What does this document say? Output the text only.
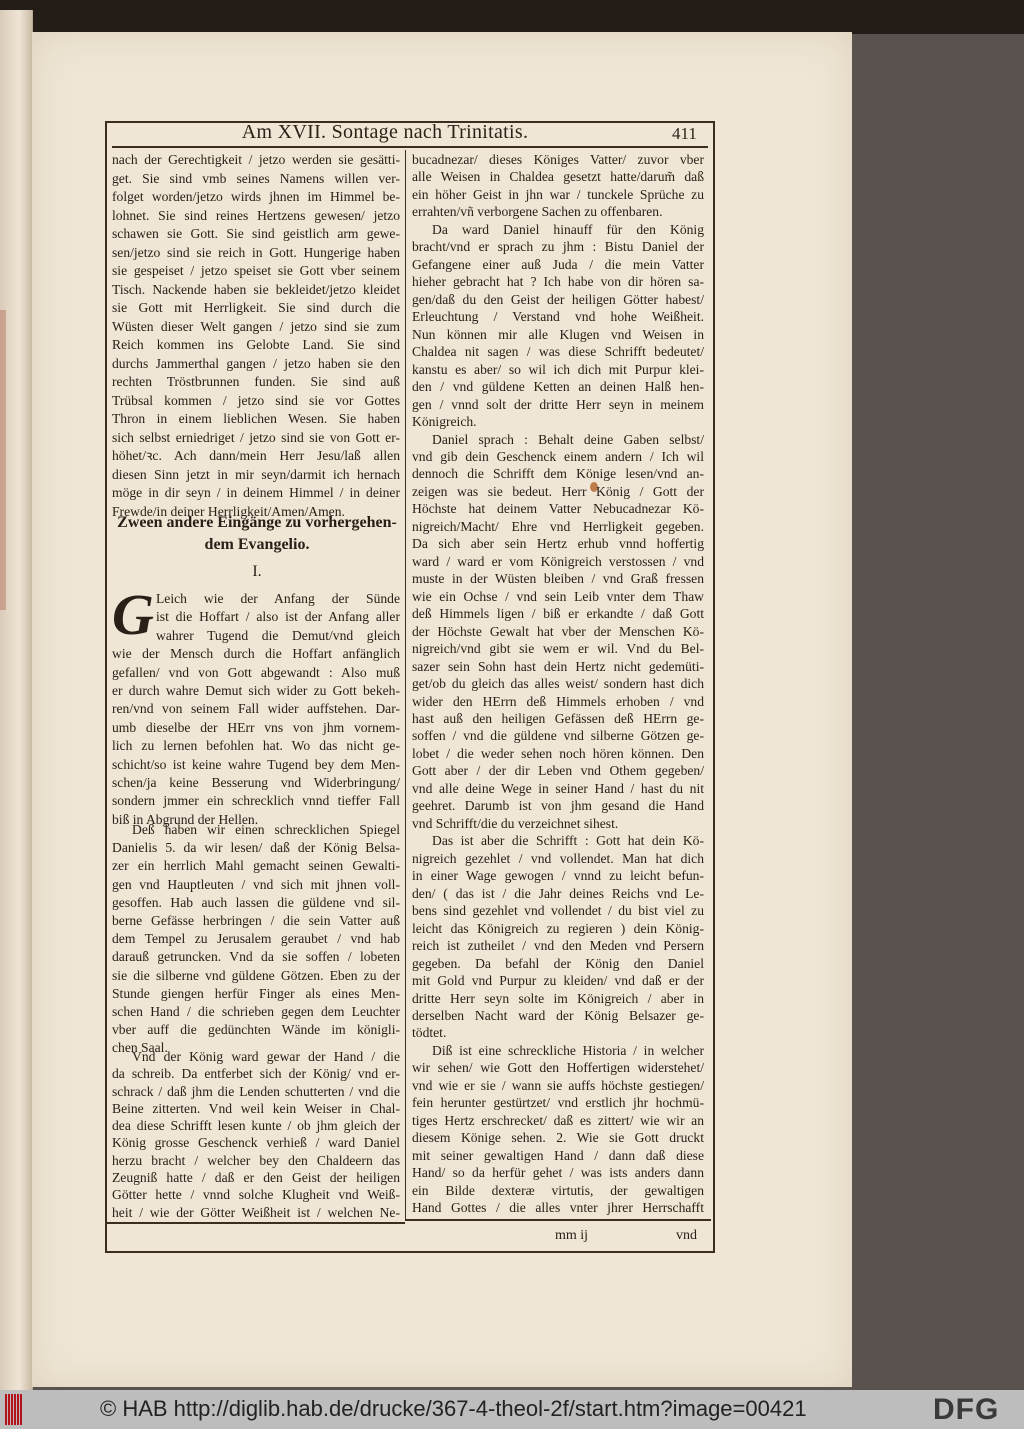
Am XVII. Sontage nach Trinitatis.	411
nach der Gerechtigkeit / jetzo werden sie gesätti-
get. Sie sind vmb seines Namens willen ver-
folget worden/jetzo wirds jhnen im Himmel be-
lohnet. Sie sind reines Hertzens gewesen/ jetzo
schawen sie Gott. Sie sind geistlich arm gewe-
sen/jetzo sind sie reich in Gott. Hungerige haben
sie gespeiset / jetzo speiset sie Gott vber seinem
Tisch. Nackende haben sie bekleidet/jetzo kleidet
sie Gott mit Herrligkeit. Sie sind durch die
Wüsten dieser Welt gangen / jetzo sind sie zum
Reich kommen ins Gelobte Land. Sie sind
durchs Jammerthal gangen / jetzo haben sie den
rechten Tröstbrunnen funden. Sie sind auß
Trübsal kommen / jetzo sind sie vor Gottes
Thron in einem lieblichen Wesen. Sie haben
sich selbst erniedriget / jetzo sind sie von Gott er-
höhet/ꝛc. Ach dann/mein Herr Jesu/laß allen
diesen Sinn jetzt in mir seyn/darmit ich hernach
möge in dir seyn / in deinem Himmel / in deiner
Frewde/in deiner Herrligkeit/Amen/Amen.
Zween andere Eingänge zu vorhergehen-
dem Evangelio.
I.
G Leich wie der Anfang der Sünde
ist die Hoffart / also ist der Anfang aller
wahrer Tugend die Demut/vnd gleich
wie der Mensch durch die Hoffart anfänglich
gefallen/ vnd von Gott abgewandt : Also muß
er durch wahre Demut sich wider zu Gott bekeh-
ren/vnd von seinem Fall wider auffstehen. Dar-
umb dieselbe der HErr vns von jhm vornem-
lich zu lernen befohlen hat. Wo das nicht ge-
schicht/so ist keine wahre Tugend bey dem Men-
schen/ja keine Besserung vnd Widerbringung/
sondern jmmer ein schrecklich vnnd tieffer Fall
biß in Abgrund der Hellen.
Deß haben wir einen schrecklichen Spiegel
Danielis 5. da wir lesen/ daß der König Belsa-
zer ein herrlich Mahl gemacht seinen Gewalti-
gen vnd Hauptleuten / vnd sich mit jhnen voll-
gesoffen. Hab auch lassen die güldene vnd sil-
berne Gefässe herbringen / die sein Vatter auß
dem Tempel zu Jerusalem geraubet / vnd hab
darauß getruncken. Vnd da sie soffen / lobeten
sie die silberne vnd güldene Götzen. Eben zu der
Stunde giengen herfür Finger als eines Men-
schen Hand / die schrieben gegen dem Leuchter
vber auff die gedünchten Wände im königli-
chen Saal.
Vnd der König ward gewar der Hand / die
da schreib. Da entferbet sich der König/ vnd er-
schrack / daß jhm die Lenden schutterten / vnd die
Beine zitterten. Vnd weil kein Weiser in Chal-
dea diese Schrifft lesen kunte / ob jhm gleich der
König grosse Geschenck verhieß / ward Daniel
herzu bracht / welcher bey den Chaldeern das
Zeugniß hatte / daß er den Geist der heiligen
Götter hette / vnnd solche Klugheit vnd Weiß-
heit / wie der Götter Weißheit ist / welchen Ne-
bucadnezar/ dieses Königes Vatter/ zuvor vber
alle Weisen in Chaldea gesetzt hatte/darum̃ daß
ein höher Geist in jhn war / tunckele Sprüche zu
errahten/vñ verborgene Sachen zu offenbaren.
Da ward Daniel hinauff für den König
bracht/vnd er sprach zu jhm : Bistu Daniel der
Gefangene einer auß Juda / die mein Vatter
hieher gebracht hat ? Ich habe von dir hören sa-
gen/daß du den Geist der heiligen Götter habest/
Erleuchtung / Verstand vnd hohe Weißheit.
Nun können mir alle Klugen vnd Weisen in
Chaldea nit sagen / was diese Schrifft bedeutet/
kanstu es aber/ so wil ich dich mit Purpur klei-
den / vnd güldene Ketten an deinen Halß hen-
gen / vnnd solt der dritte Herr seyn in meinem
Königreich.
Daniel sprach : Behalt deine Gaben selbst/
vnd gib dein Geschenck einem andern / Ich wil
dennoch die Schrifft dem Könige lesen/vnd an-
zeigen was sie bedeut. Herr König / Gott der
Höchste hat deinem Vatter Nebucadnezar Kö-
nigreich/Macht/ Ehre vnd Herrligkeit gegeben.
Da sich aber sein Hertz erhub vnnd hoffertig
ward / ward er vom Königreich verstossen / vnd
muste in der Wüsten bleiben / vnd Graß fressen
wie ein Ochse / vnd sein Leib vnter dem Thaw
deß Himmels ligen / biß er erkandte / daß Gott
der Höchste Gewalt hat vber der Menschen Kö-
nigreich/vnd gibt sie wem er wil. Vnd du Bel-
sazer sein Sohn hast dein Hertz nicht gedemüti-
get/ob du gleich das alles weist/ sondern hast dich
wider den HErrn deß Himmels erhoben / vnd
hast auß den heiligen Gefässen deß HErrn ge-
soffen / vnd die güldene vnd silberne Götzen ge-
lobet / die weder sehen noch hören können. Den
Gott aber / der dir Leben vnd Othem gegeben/
vnd alle deine Wege in seiner Hand / hast du nit
geehret. Darumb ist von jhm gesand die Hand
vnd Schrifft/die du verzeichnet sihest.
Das ist aber die Schrifft : Gott hat dein Kö-
nigreich gezehlet / vnd vollendet. Man hat dich
in einer Wage gewogen / vnnd zu leicht befun-
den/ ( das ist / die Jahr deines Reichs vnd Le-
bens sind gezehlet vnd vollendet / du bist viel zu
leicht das Königreich zu regieren ) dein König-
reich ist zutheilet / vnd den Meden vnd Persern
gegeben. Da befahl der König den Daniel
mit Gold vnd Purpur zu kleiden/ vnd daß er der
dritte Herr seyn solte im Königreich / aber in
derselben Nacht ward der König Belsazer ge-
tödtet.
Diß ist eine schreckliche Historia / in welcher
wir sehen/ wie Gott den Hoffertigen widerstehet/
vnd wie er sie / wann sie auffs höchste gestiegen/
fein herunter gestürtzet/ vnd erstlich jhr hochmü-
tiges Hertz erschrecket/ daß es zittert/ wie wir an
diesem Könige sehen. 2. Wie sie Gott druckt
mit seiner gewaltigen Hand / dann daß diese
Hand/ so da herfür gehet / was ists anders dann
ein Bilde dexteræ virtutis, der gewaltigen
Hand Gottes / die alles vnter jhrer Herrschafft
mm ij	vnd
© HAB http://diglib.hab.de/drucke/367-4-theol-2f/start.htm?image=00421	DFG
